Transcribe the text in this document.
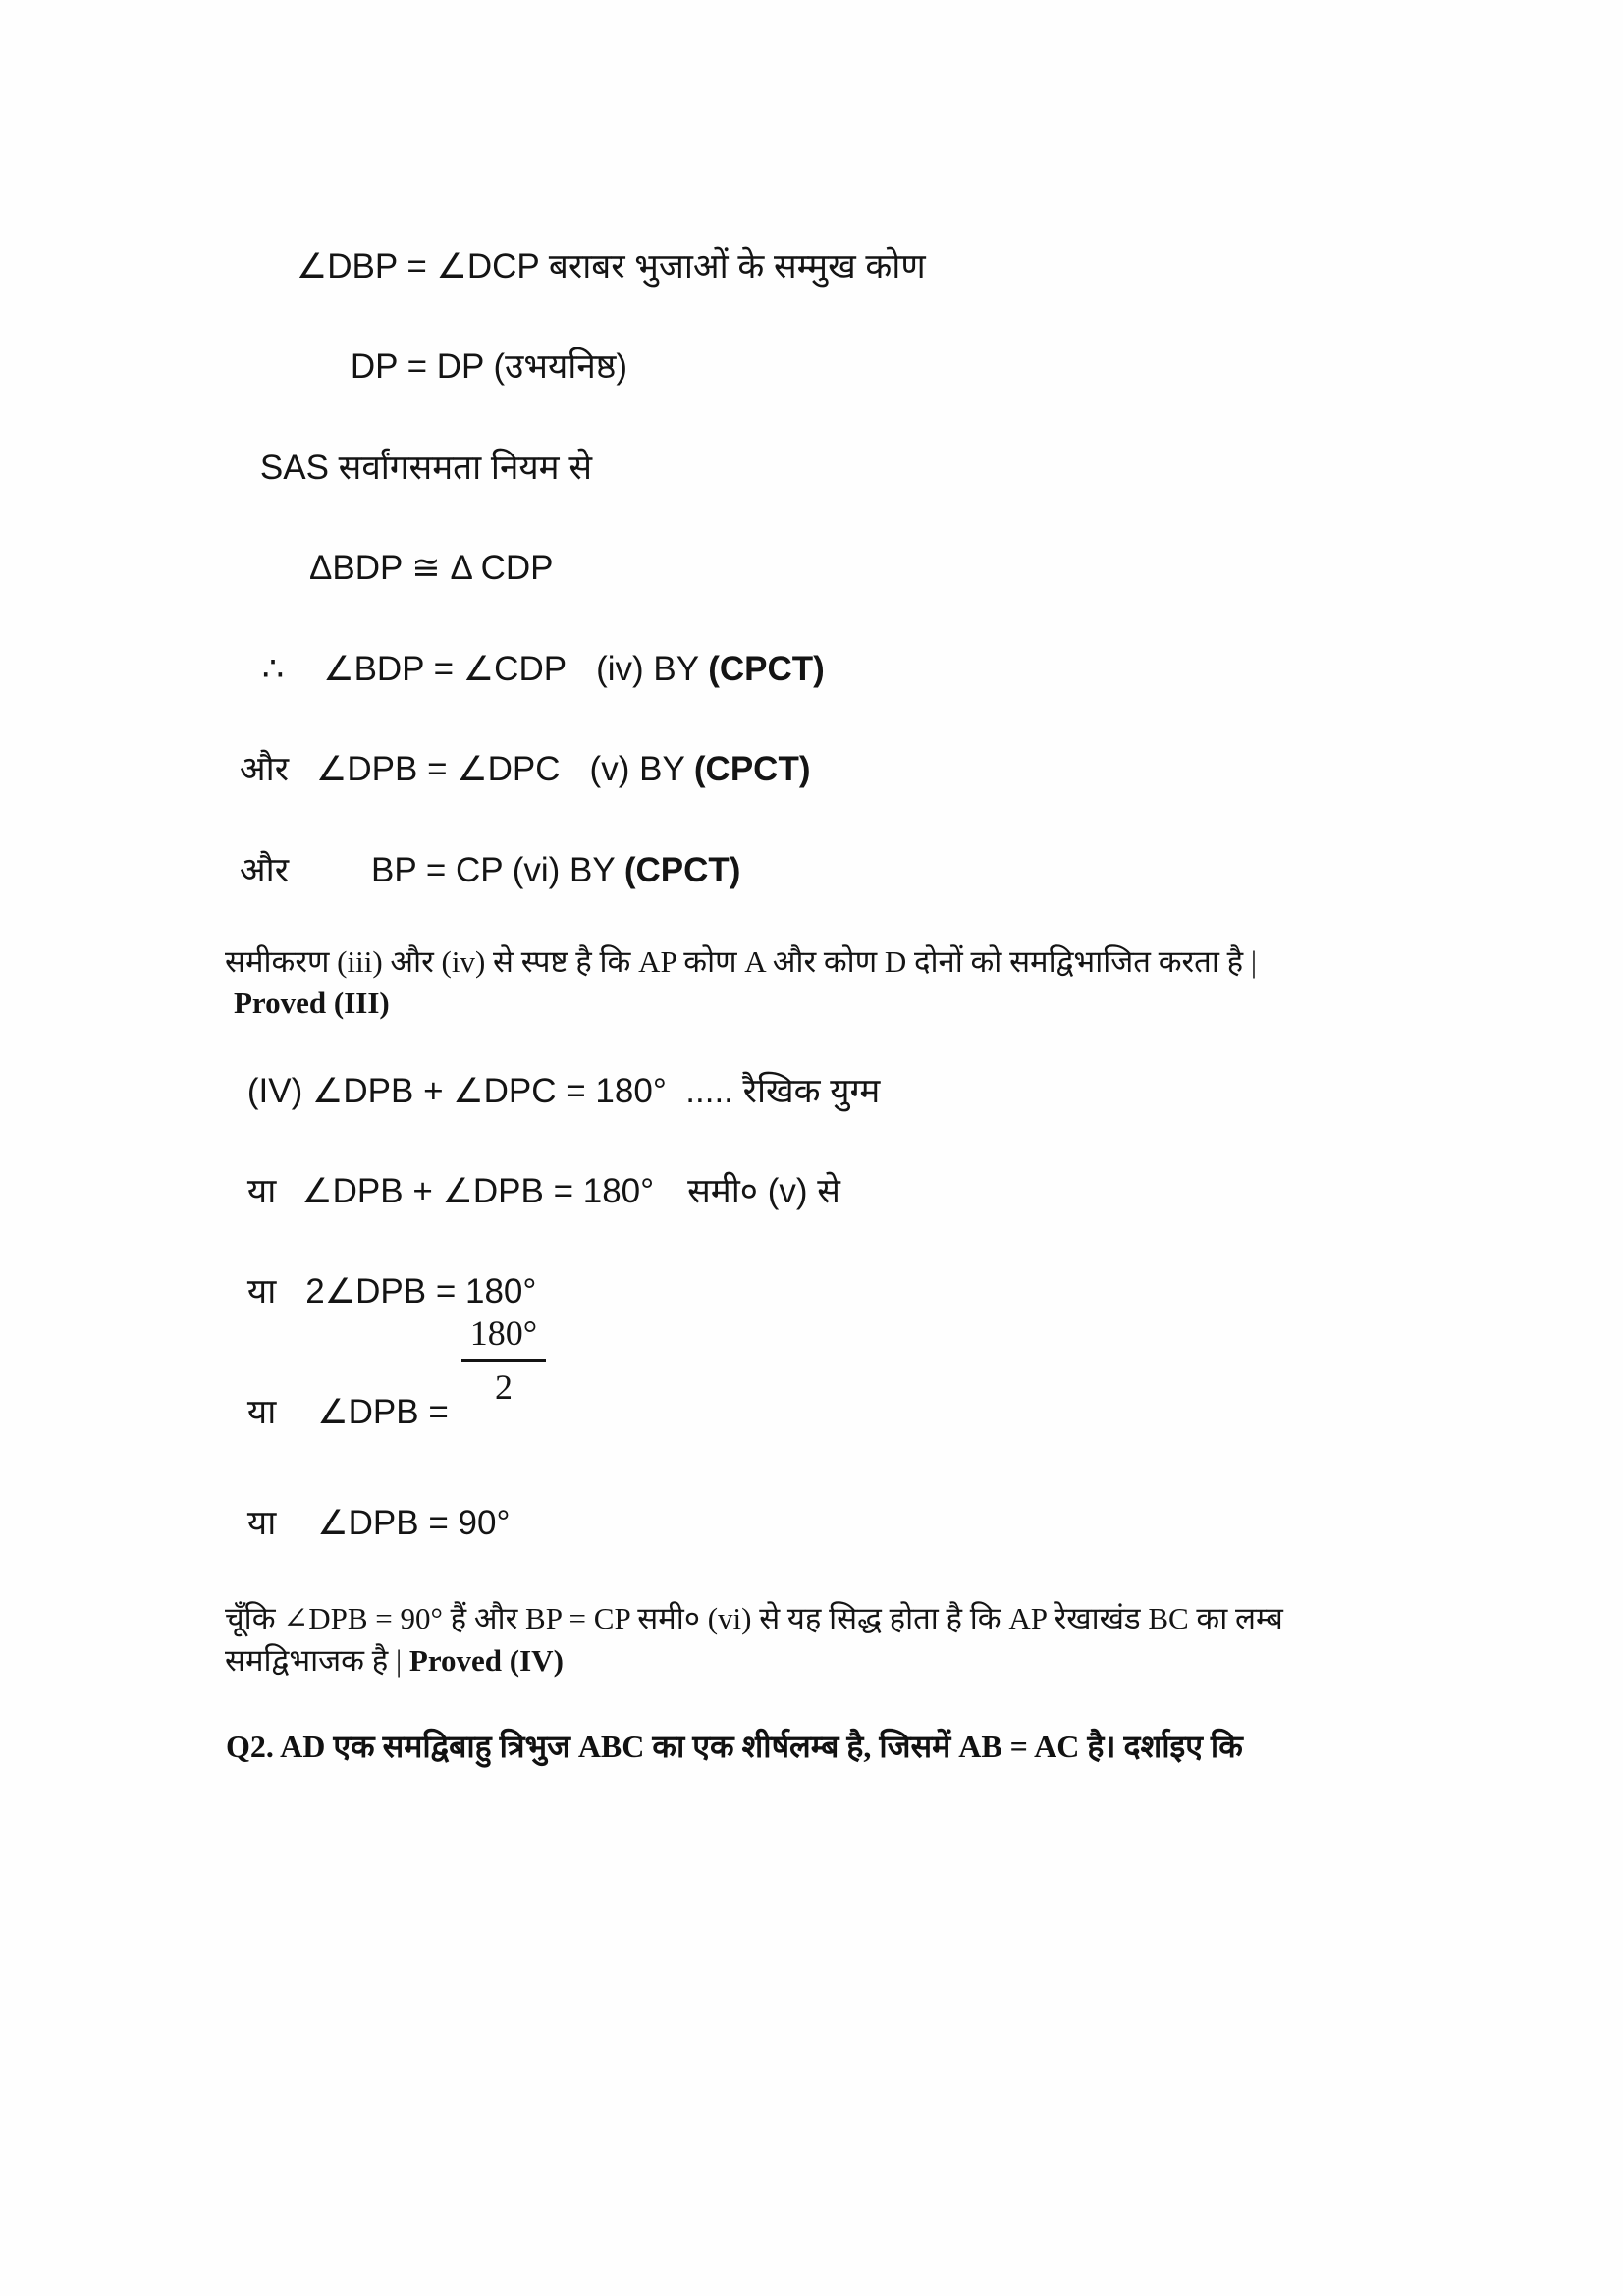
∠DBP = ∠DCP बराबर भुजाओं के सम्मुख कोण

DP = DP (उभयनिष्ठ)

SAS सर्वांगसमता नियम से

ΔBDP ≅ Δ CDP

∴ ∠BDP = ∠CDP (iv) BY (CPCT)

और ∠DPB = ∠DPC (v) BY (CPCT)

और BP = CP (vi) BY (CPCT)

समीकरण (iii) और (iv) से स्पष्ट है कि AP कोण A और कोण D दोनों को समद्विभाजित करता है |

Proved (III)

(IV) ∠DPB + ∠DPC = 180° ..... रैखिक युग्म

या ∠DPB + ∠DPB = 180° समी० (v) से

या 2∠DPB = 180°

या ∠DPB =

180°
2

या ∠DPB = 90°

चूँकि ∠DPB = 90° हैं और BP = CP समी० (vi) से यह सिद्ध होता है कि AP रेखाखंड BC का लम्ब

समद्विभाजक है | Proved (IV)

Q2. AD एक समद्विबाहु त्रिभुज ABC का एक शीर्षलम्ब है, जिसमें AB = AC है। दर्शाइए कि
